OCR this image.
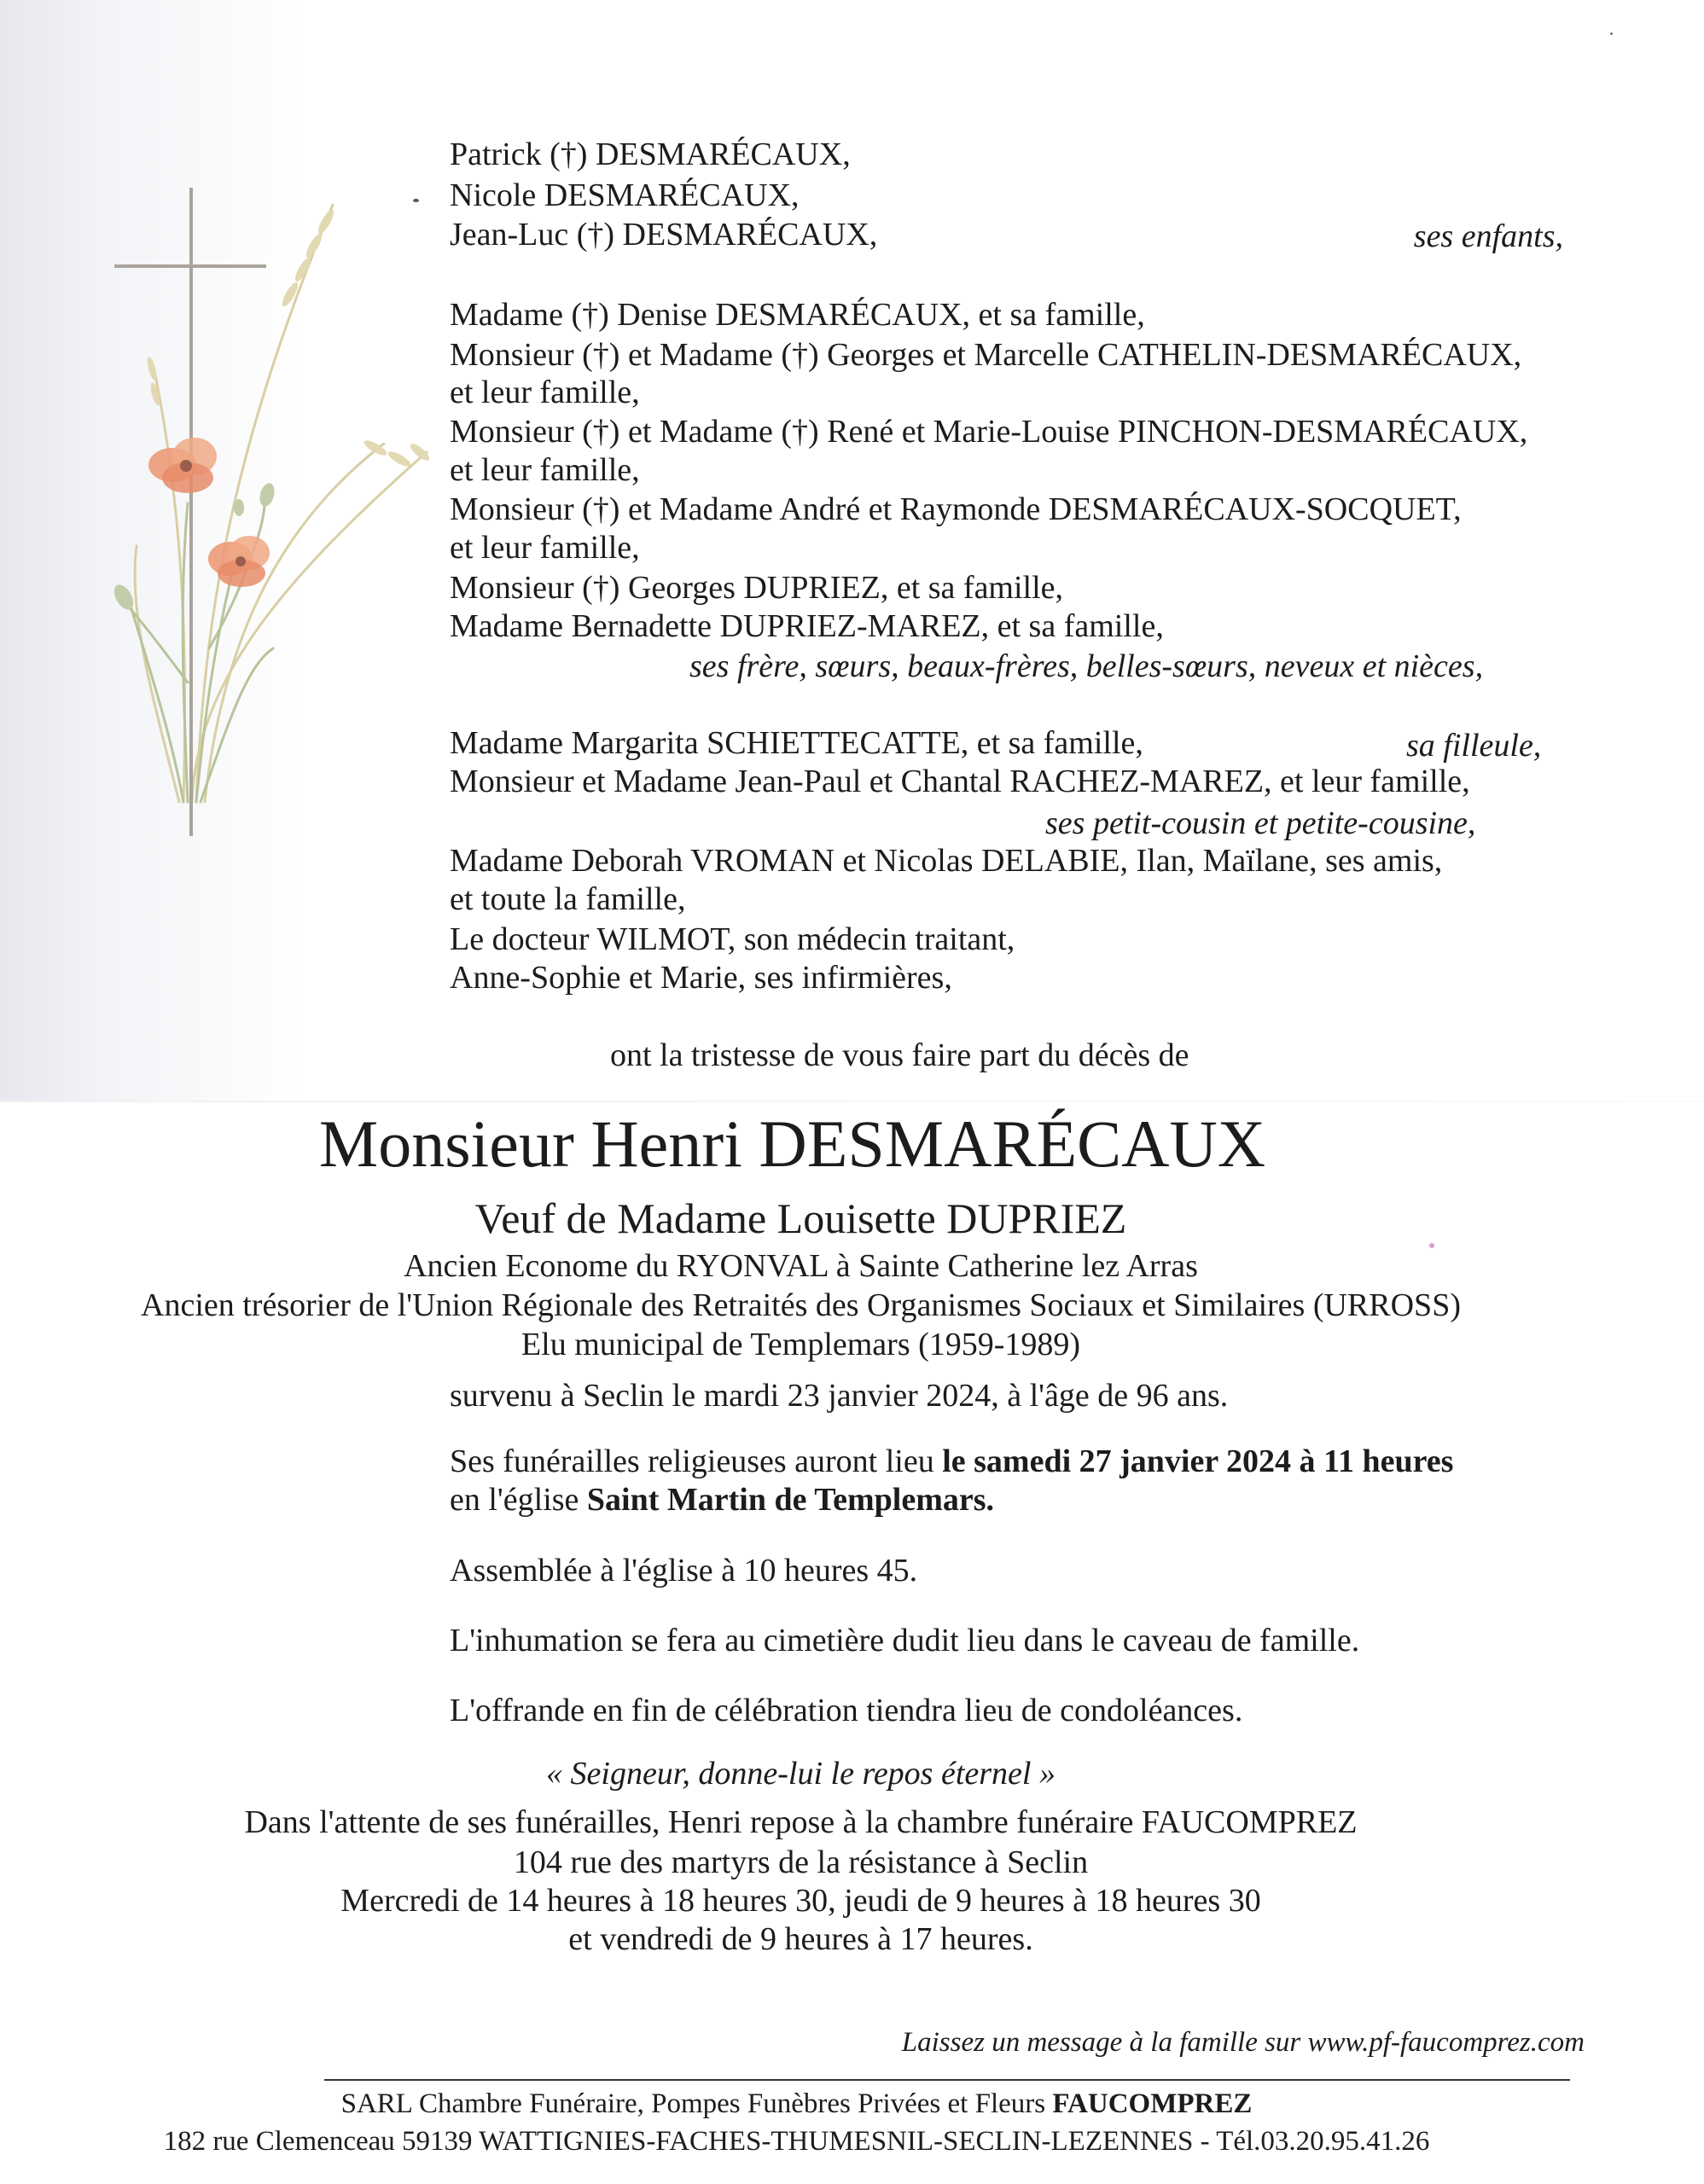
Patrick (†) DESMARÉCAUX,
Nicole DESMARÉCAUX,
Jean-Luc (†) DESMARÉCAUX,	ses enfants,
Madame (†) Denise DESMARÉCAUX, et sa famille,
Monsieur (†) et Madame (†) Georges et Marcelle CATHELIN-DESMARÉCAUX,
et leur famille,
Monsieur (†) et Madame (†) René et Marie-Louise PINCHON-DESMARÉCAUX,
et leur famille,
Monsieur (†) et Madame André et Raymonde DESMARÉCAUX-SOCQUET,
et leur famille,
Monsieur (†) Georges DUPRIEZ, et sa famille,
Madame Bernadette DUPRIEZ-MAREZ, et sa famille,
ses frère, sœurs, beaux-frères, belles-sœurs, neveux et nièces,
Madame Margarita SCHIETTECATTE, et sa famille,	sa filleule,
Monsieur et Madame Jean-Paul et Chantal RACHEZ-MAREZ, et leur famille,
ses petit-cousin et petite-cousine,
Madame Deborah VROMAN et Nicolas DELABIE, Ilan, Maïlane, ses amis,
et toute la famille,
Le docteur WILMOT, son médecin traitant,
Anne-Sophie et Marie, ses infirmières,
ont la tristesse de vous faire part du décès de
Monsieur Henri DESMARÉCAUX
Veuf de Madame Louisette DUPRIEZ
Ancien Econome du RYONVAL à Sainte Catherine lez Arras
Ancien trésorier de l'Union Régionale des Retraités des Organismes Sociaux et Similaires (URROSS)
Elu municipal de Templemars (1959-1989)
survenu à Seclin le mardi 23 janvier 2024, à l'âge de 96 ans.
Ses funérailles religieuses auront lieu le samedi 27 janvier 2024 à 11 heures
en l'église Saint Martin de Templemars.
Assemblée à l'église à 10 heures 45.
L'inhumation se fera au cimetière dudit lieu dans le caveau de famille.
L'offrande en fin de célébration tiendra lieu de condoléances.
« Seigneur, donne-lui le repos éternel »
Dans l'attente de ses funérailles, Henri repose à la chambre funéraire FAUCOMPREZ
104 rue des martyrs de la résistance à Seclin
Mercredi de 14 heures à 18 heures 30, jeudi de 9 heures à 18 heures 30
et vendredi de 9 heures à 17 heures.
Laissez un message à la famille sur www.pf-faucomprez.com
SARL Chambre Funéraire, Pompes Funèbres Privées et Fleurs FAUCOMPREZ
182 rue Clemenceau 59139 WATTIGNIES-FACHES-THUMESNIL-SECLIN-LEZENNES - Tél.03.20.95.41.26
